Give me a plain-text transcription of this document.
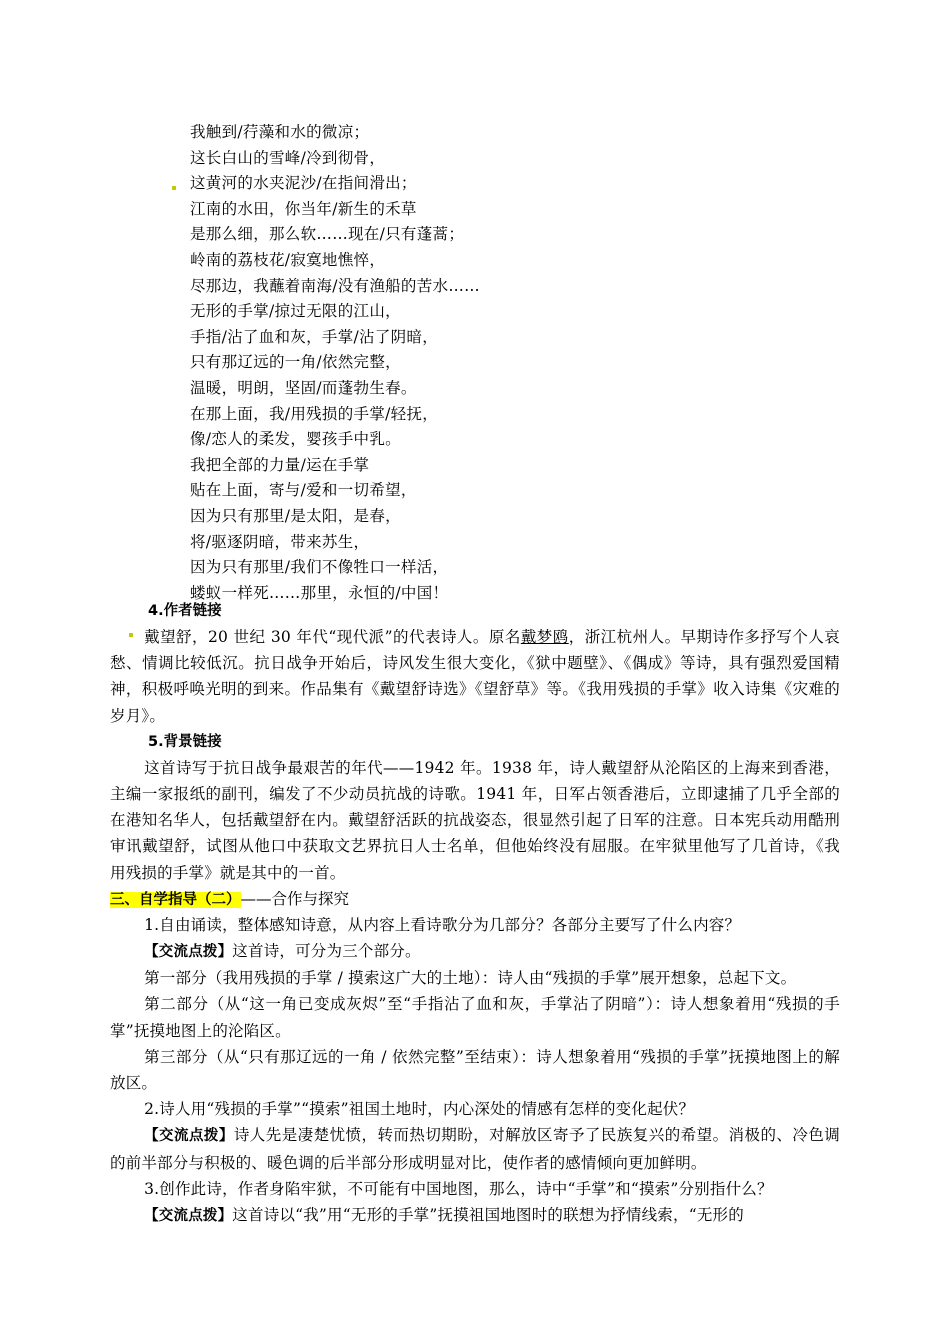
我触到/荇藻和水的微凉；
这长白山的雪峰/冷到彻骨，
这黄河的水夹泥沙/在指间滑出；
江南的水田，你当年/新生的禾草
是那么细，那么软……现在/只有蓬蒿；
岭南的荔枝花/寂寞地憔悴，
尽那边，我蘸着南海/没有渔船的苦水……
无形的手掌/掠过无限的江山，
手指/沾了血和灰，手掌/沾了阴暗，
只有那辽远的一角/依然完整，
温暖，明朗，坚固/而蓬勃生春。
在那上面，我/用残损的手掌/轻抚，
像/恋人的柔发，婴孩手中乳。
我把全部的力量/运在手掌
贴在上面，寄与/爱和一切希望，
因为只有那里/是太阳，是春，
将/驱逐阴暗，带来苏生，
因为只有那里/我们不像牲口一样活，
蝼蚁一样死……那里，永恒的/中国！
4.作者链接

戴望舒，20 世纪 30 年代“现代派”的代表诗人。原名戴梦鸥，浙江杭州人。早期诗作多抒写个人哀愁、情调比较低沉。抗日战争开始后，诗风发生很大变化，《狱中题壁》、《偶成》等诗，具有强烈爱国精神，积极呼唤光明的到来。作品集有《戴望舒诗选》《望舒草》等。《我用残损的手掌》收入诗集《灾难的岁月》。

5.背景链接

这首诗写于抗日战争最艰苦的年代——1942 年。1938 年，诗人戴望舒从沦陷区的上海来到香港，主编一家报纸的副刊，编发了不少动员抗战的诗歌。1941 年，日军占领香港后，立即逮捕了几乎全部的在港知名华人，包括戴望舒在内。戴望舒活跃的抗战姿态，很显然引起了日军的注意。日本宪兵动用酷刑审讯戴望舒，试图从他口中获取文艺界抗日人士名单，但他始终没有屈服。在牢狱里他写了几首诗，《我用残损的手掌》就是其中的一首。

三、自学指导（二）——合作与探究

1.自由诵读，整体感知诗意，从内容上看诗歌分为几部分？各部分主要写了什么内容？

【交流点拨】这首诗，可分为三个部分。

第一部分（我用残损的手掌 / 摸索这广大的土地）：诗人由“残损的手掌”展开想象，总起下文。

第二部分（从“这一角已变成灰烬”至“手指沾了血和灰，手掌沾了阴暗”）：诗人想象着用“残损的手掌”抚摸地图上的沦陷区。

第三部分（从“只有那辽远的一角 / 依然完整”至结束）：诗人想象着用“残损的手掌”抚摸地图上的解放区。

2.诗人用“残损的手掌”“摸索”祖国土地时，内心深处的情感有怎样的变化起伏？

【交流点拨】诗人先是凄楚忧愤，转而热切期盼，对解放区寄予了民族复兴的希望。消极的、冷色调的前半部分与积极的、暖色调的后半部分形成明显对比，使作者的感情倾向更加鲜明。

3.创作此诗，作者身陷牢狱，不可能有中国地图，那么，诗中“手掌”和“摸索”分别指什么？

【交流点拨】这首诗以“我”用“无形的手掌”抚摸祖国地图时的联想为抒情线索，“无形的
